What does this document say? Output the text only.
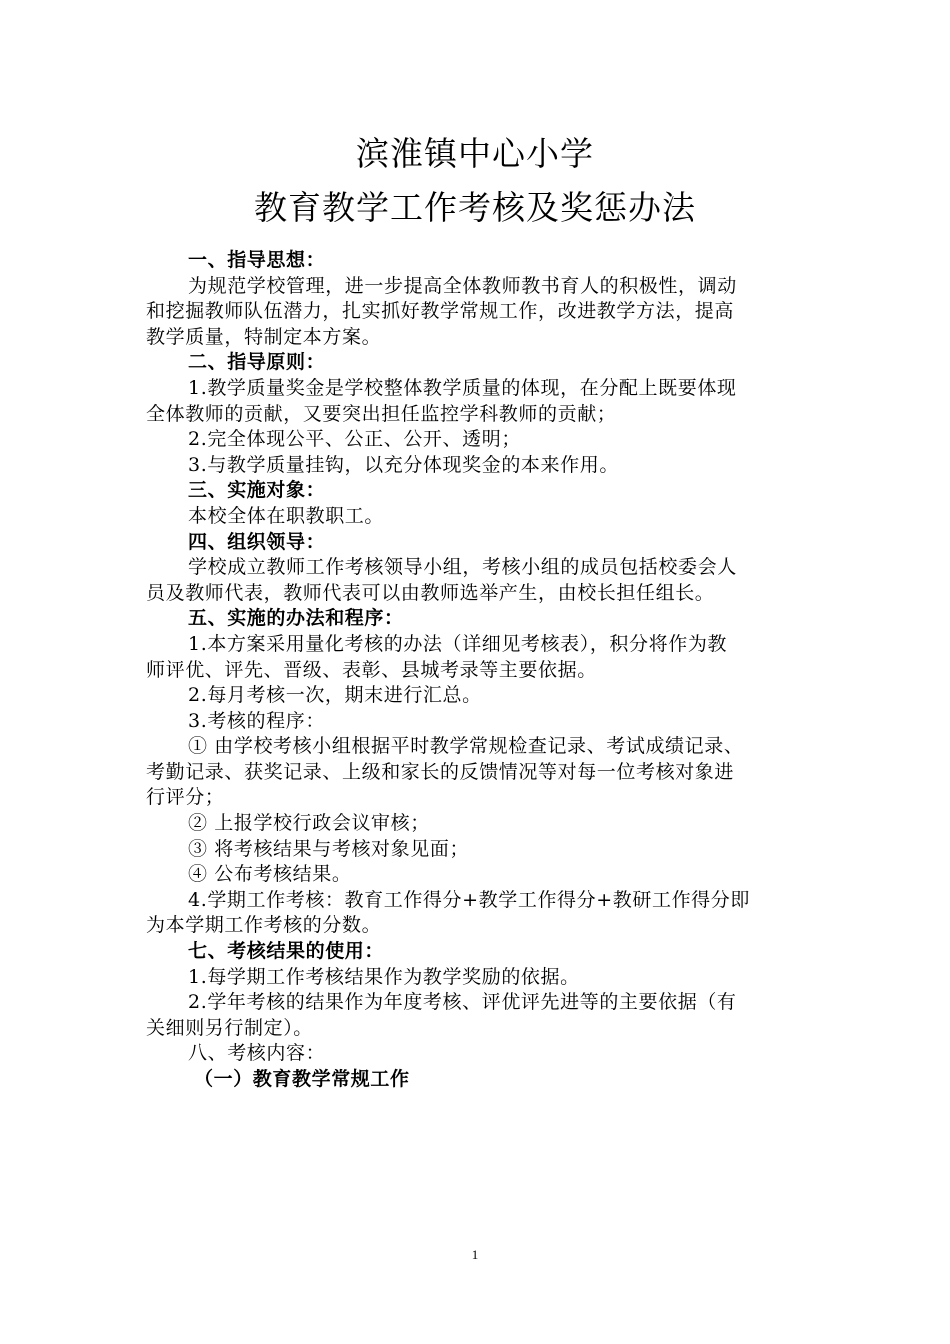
滨淮镇中心小学
教育教学工作考核及奖惩办法
一、指导思想：
为规范学校管理，进一步提高全体教师教书育人的积极性，调动
和挖掘教师队伍潜力，扎实抓好教学常规工作，改进教学方法，提高
教学质量，特制定本方案。
二、指导原则：
1.教学质量奖金是学校整体教学质量的体现，在分配上既要体现
全体教师的贡献，又要突出担任监控学科教师的贡献；
2.完全体现公平、公正、公开、透明；
3.与教学质量挂钩，以充分体现奖金的本来作用。
三、实施对象：
本校全体在职教职工。
四、组织领导：
学校成立教师工作考核领导小组，考核小组的成员包括校委会人
员及教师代表，教师代表可以由教师选举产生，由校长担任组长。
五、实施的办法和程序：
1.本方案采用量化考核的办法（详细见考核表），积分将作为教
师评优、评先、晋级、表彰、县城考录等主要依据。
2.每月考核一次，期末进行汇总。
3.考核的程序：
① 由学校考核小组根据平时教学常规检查记录、考试成绩记录、
考勤记录、获奖记录、上级和家长的反馈情况等对每一位考核对象进
行评分；
② 上报学校行政会议审核；
③ 将考核结果与考核对象见面；
④ 公布考核结果。
4.学期工作考核：教育工作得分+教学工作得分+教研工作得分即
为本学期工作考核的分数。
七、考核结果的使用：
1.每学期工作考核结果作为教学奖励的依据。
2.学年考核的结果作为年度考核、评优评先进等的主要依据（有
关细则另行制定）。
八、考核内容：
（一）教育教学常规工作
1
